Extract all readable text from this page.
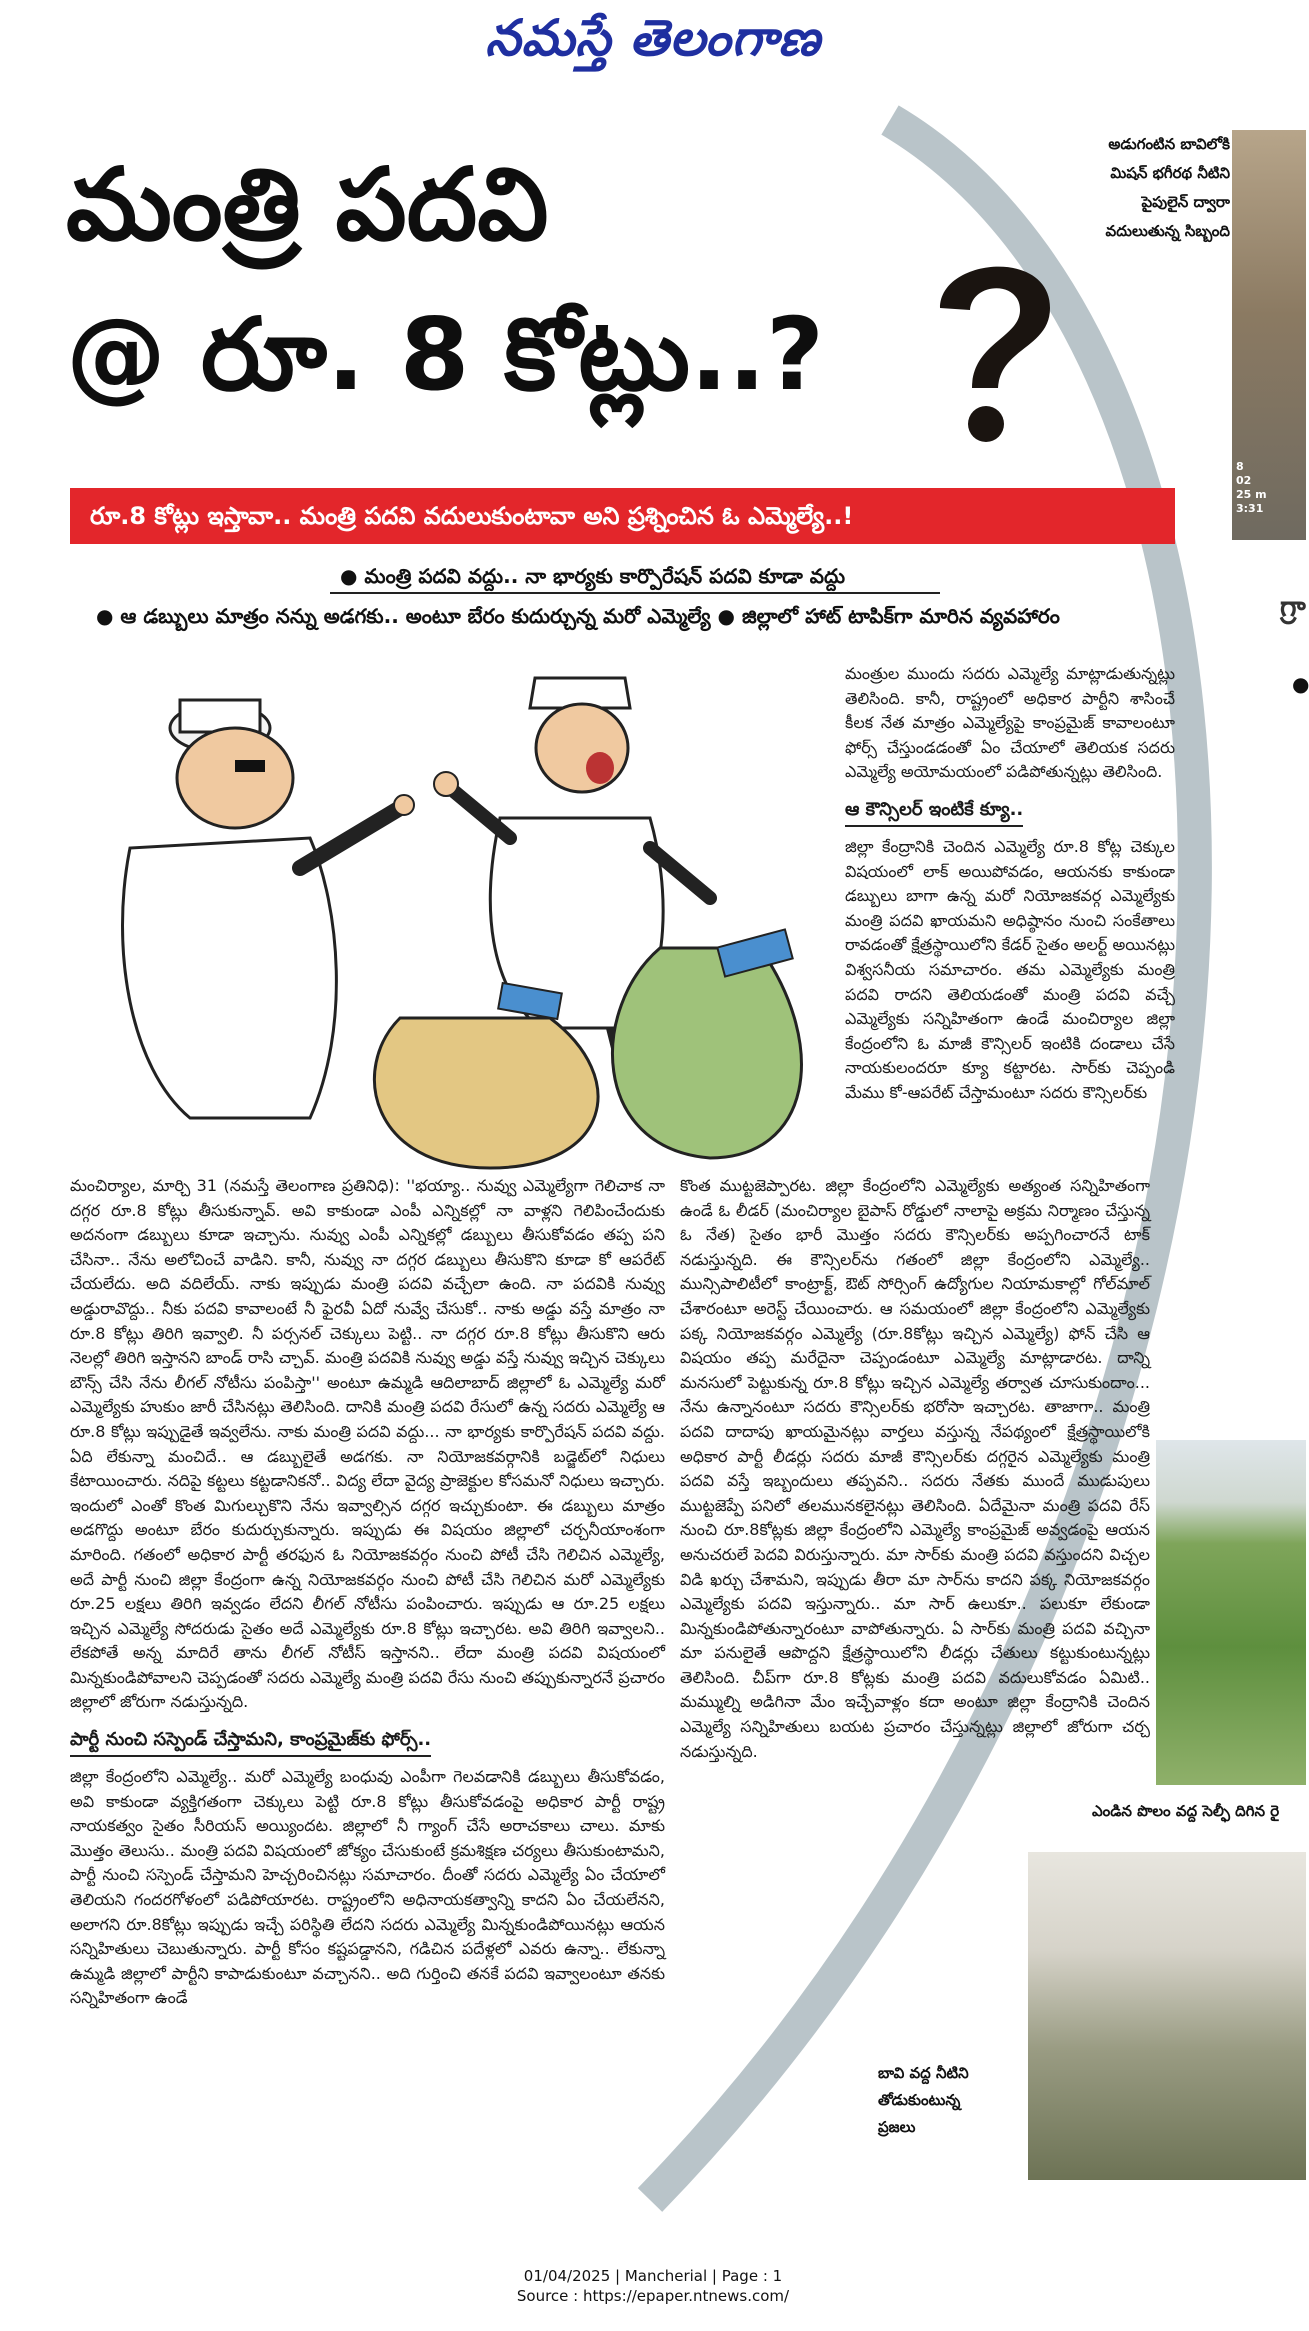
నమస్తే తెలంగాణ
మంత్రి పదవి
@ రూ. 8 కోట్లు..?
రూ.8 కోట్లు ఇస్తావా.. మంత్రి పదవి వదులుకుంటావా అని ప్రశ్నించిన ఓ ఎమ్మెల్యే..!
● మంత్రి పదవి వద్దు.. నా భార్యకు కార్పొరేషన్ పదవి కూడా వద్దు
● ఆ డబ్బులు మాత్రం నన్ను అడగకు.. అంటూ బేరం కుదుర్చున్న మరో ఎమ్మెల్యే ● జిల్లాలో హాట్ టాపిక్‌గా మారిన వ్యవహారం

మంత్రుల ముందు సదరు ఎమ్మెల్యే మాట్లాడుతున్నట్లు తెలిసింది. కానీ, రాష్ట్రంలో అధికార పార్టీని శాసించే కీలక నేత మాత్రం ఎమ్మెల్యేపై కాంప్రమైజ్ కావాలంటూ ఫోర్స్ చేస్తుండడంతో ఏం చేయాలో తెలియక సదరు ఎమ్మెల్యే అయోమయంలో పడిపోతున్నట్లు తెలిసింది.

ఆ కౌన్సిలర్ ఇంటికే క్యూ..

జిల్లా కేంద్రానికి చెందిన ఎమ్మెల్యే రూ.8 కోట్ల చెక్కుల విషయంలో లాక్ అయిపోవడం, ఆయనకు కాకుండా డబ్బులు బాగా ఉన్న మరో నియోజకవర్గ ఎమ్మెల్యేకు మంత్రి పదవి ఖాయమని అధిష్ఠానం నుంచి సంకేతాలు రావడంతో క్షేత్రస్థాయిలోని కేడర్ సైతం అలర్ట్ అయినట్లు విశ్వసనీయ సమాచారం. తమ ఎమ్మెల్యేకు మంత్రి పదవి రాదని తెలియడంతో మంత్రి పదవి వచ్చే ఎమ్మెల్యేకు సన్నిహితంగా ఉండే మంచిర్యాల జిల్లా కేంద్రంలోని ఓ మాజీ కౌన్సిలర్ ఇంటికి దండాలు చేసే నాయకులందరూ క్యూ కట్టారట. సార్‌కు చెప్పండి మేము కో-ఆపరేట్ చేస్తామంటూ సదరు కౌన్సిలర్‌కు

మంచిర్యాల, మార్చి 31 (నమస్తే తెలంగాణ ప్రతినిధి): ''భయ్యా.. నువ్వు ఎమ్మెల్యేగా గెలిచాక నా దగ్గర రూ.8 కోట్లు తీసుకున్నావ్. అవి కాకుండా ఎంపీ ఎన్నికల్లో నా వాళ్లని గెలిపించేందుకు అదనంగా డబ్బులు కూడా ఇచ్చాను. నువ్వు ఎంపీ ఎన్నికల్లో డబ్బులు తీసుకోవడం తప్ప పని చేసినా.. నేను అలోచించే వాడిని. కానీ, నువ్వు నా దగ్గర డబ్బులు తీసుకొని కూడా కో ఆపరేట్ చేయలేదు. అది వదిలేయ్. నాకు ఇప్పుడు మంత్రి పదవి వచ్చేలా ఉంది. నా పదవికి నువ్వు అడ్డురావొద్దు.. నీకు పదవి కావాలంటే నీ ఫైరవీ ఏదో నువ్వే చేసుకో.. నాకు అడ్డు వస్తే మాత్రం నా రూ.8 కోట్లు తిరిగి ఇవ్వాలి. నీ పర్సనల్ చెక్కులు పెట్టి.. నా దగ్గర రూ.8 కోట్లు తీసుకొని ఆరు నెలల్లో తిరిగి ఇస్తానని బాండ్ రాసి చ్చావ్. మంత్రి పదవికి నువ్వు అడ్డు వస్తే నువ్వు ఇచ్చిన చెక్కులు బౌన్స్ చేసి నేను లీగల్ నోటీసు పంపిస్తా'' అంటూ ఉమ్మడి ఆదిలాబాద్ జిల్లాలో ఓ ఎమ్మెల్యే మరో ఎమ్మెల్యేకు హుకుం జారీ చేసినట్లు తెలిసింది. దానికి మంత్రి పదవి రేసులో ఉన్న సదరు ఎమ్మెల్యే ఆ రూ.8 కోట్లు ఇప్పుడైతే ఇవ్వలేను. నాకు మంత్రి పదవి వద్దు... నా భార్యకు కార్పొరేషన్ పదవి వద్దు. ఏది లేకున్నా మంచిదే.. ఆ డబ్బులైతే అడగకు. నా నియోజకవర్గానికి బడ్జెట్‌లో నిధులు కేటాయించారు. నదిపై కట్టలు కట్టడానికనో.. విద్య లేదా వైద్య ప్రాజెక్టుల కోసమనో నిధులు ఇచ్చారు. ఇందులో ఎంతో కొంత మిగుల్చుకొని నేను ఇవ్వాల్సిన దగ్గర ఇచ్చుకుంటా. ఈ డబ్బులు మాత్రం అడగొద్దు అంటూ బేరం కుదుర్చుకున్నారు. ఇప్పుడు ఈ విషయం జిల్లాలో చర్చనీయాంశంగా మారింది. గతంలో అధికార పార్టీ తరఫున ఓ నియోజకవర్గం నుంచి పోటీ చేసి గెలిచిన ఎమ్మెల్యే, అదే పార్టీ నుంచి జిల్లా కేంద్రంగా ఉన్న నియోజకవర్గం నుంచి పోటీ చేసి గెలిచిన మరో ఎమ్మెల్యేకు రూ.25 లక్షలు తిరిగి ఇవ్వడం లేదని లీగల్ నోటీసు పంపించారు. ఇప్పుడు ఆ రూ.25 లక్షలు ఇచ్చిన ఎమ్మెల్యే సోదరుడు సైతం అదే ఎమ్మెల్యేకు రూ.8 కోట్లు ఇచ్చారట. అవి తిరిగి ఇవ్వాలని.. లేకపోతే అన్న మాదిరే తాను లీగల్ నోటీస్ ఇస్తానని.. లేదా మంత్రి పదవి విషయంలో మిన్నకుండిపోవాలని చెప్పడంతో సదరు ఎమ్మెల్యే మంత్రి పదవి రేసు నుంచి తప్పుకున్నారనే ప్రచారం జిల్లాలో జోరుగా నడుస్తున్నది.

పార్టీ నుంచి సస్పెండ్ చేస్తామని, కాంప్రమైజ్‌కు ఫోర్స్..

జిల్లా కేంద్రంలోని ఎమ్మెల్యే.. మరో ఎమ్మెల్యే బంధువు ఎంపీగా గెలవడానికి డబ్బులు తీసుకోవడం, అవి కాకుండా వ్యక్తిగతంగా చెక్కులు పెట్టి రూ.8 కోట్లు తీసుకోవడంపై అధికార పార్టీ రాష్ట్ర నాయకత్వం సైతం సీరియస్ అయ్యిందట. జిల్లాలో నీ గ్యాంగ్ చేసే అరాచకాలు చాలు. మాకు మొత్తం తెలుసు.. మంత్రి పదవి విషయంలో జోక్యం చేసుకుంటే క్రమశిక్షణ చర్యలు తీసుకుంటామని, పార్టీ నుంచి సస్పెండ్ చేస్తామని హెచ్చరించినట్లు సమాచారం. దీంతో సదరు ఎమ్మెల్యే ఏం చేయాలో తెలియని గందరగోళంలో పడిపోయారట. రాష్ట్రంలోని అధినాయకత్వాన్ని కాదని ఏం చేయలేనని, అలాగని రూ.8కోట్లు ఇప్పుడు ఇచ్చే పరిస్థితి లేదని సదరు ఎమ్మెల్యే మిన్నకుండిపోయినట్లు ఆయన సన్నిహితులు చెబుతున్నారు. పార్టీ కోసం కష్టపడ్డానని, గడిచిన పదేళ్లలో ఎవరు ఉన్నా.. లేకున్నా ఉమ్మడి జిల్లాలో పార్టీని కాపాడుకుంటూ వచ్చానని.. అది గుర్తించి తనకే పదవి ఇవ్వాలంటూ తనకు సన్నిహితంగా ఉండే

కొంత ముట్టజెప్పారట. జిల్లా కేంద్రంలోని ఎమ్మెల్యేకు అత్యంత సన్నిహితంగా ఉండే ఓ లీడర్ (మంచిర్యాల బైపాస్ రోడ్డులో నాలాపై అక్రమ నిర్మాణం చేస్తున్న ఓ నేత) సైతం భారీ మొత్తం సదరు కౌన్సిలర్‌కు అప్పగించారనే టాక్ నడుస్తున్నది. ఈ కౌన్సిలర్‌ను గతంలో జిల్లా కేంద్రంలోని ఎమ్మెల్యే.. మున్సిపాలిటీలో కాంట్రాక్ట్, ఔట్ సోర్సింగ్ ఉద్యోగుల నియామకాల్లో గోల్‌మాల్ చేశారంటూ అరెస్ట్ చేయించారు. ఆ సమయంలో జిల్లా కేంద్రంలోని ఎమ్మెల్యేకు పక్క నియోజకవర్గం ఎమ్మెల్యే (రూ.8కోట్లు ఇచ్చిన ఎమ్మెల్యే) ఫోన్ చేసి ఆ విషయం తప్ప మరేదైనా చెప్పండంటూ ఎమ్మెల్యే మాట్లాడారట. దాన్ని మనసులో పెట్టుకున్న రూ.8 కోట్లు ఇచ్చిన ఎమ్మెల్యే తర్వాత చూసుకుందాం... నేను ఉన్నానంటూ సదరు కౌన్సిలర్‌కు భరోసా ఇచ్చారట. తాజాగా.. మంత్రి పదవి దాదాపు ఖాయమైనట్లు వార్తలు వస్తున్న నేపథ్యంలో క్షేత్రస్థాయిలోకి అధికార పార్టీ లీడర్లు సదరు మాజీ కౌన్సిలర్‌కు దగ్గరైన ఎమ్మెల్యేకు మంత్రి పదవి వస్తే ఇబ్బందులు తప్పవని.. సదరు నేతకు ముందే ముడుపులు ముట్టజెప్పే పనిలో తలమునకలైనట్లు తెలిసింది. ఏదేమైనా మంత్రి పదవి రేస్ నుంచి రూ.8కోట్లకు జిల్లా కేంద్రంలోని ఎమ్మెల్యే కాంప్రమైజ్ అవ్వడంపై ఆయన అనుచరులే పెదవి విరుస్తున్నారు. మా సార్‌కు మంత్రి పదవి వస్తుందని విచ్చల విడి ఖర్చు చేశామని, ఇప్పుడు తీరా మా సార్‌ను కాదని పక్క నియోజకవర్గం ఎమ్మెల్యేకు పదవి ఇస్తున్నారు.. మా సార్ ఉలుకూ.. పలుకూ లేకుండా మిన్నకుండిపోతున్నారంటూ వాపోతున్నారు. ఏ సార్‌కు మంత్రి పదవి వచ్చినా మా పనులైతే ఆపొద్దని క్షేత్రస్థాయిలోని లీడర్లు చేతులు కట్టుకుంటున్నట్లు తెలిసింది. చీప్‌గా రూ.8 కోట్లకు మంత్రి పదవి వదులుకోవడం ఏమిటి.. మమ్ముల్ని అడిగినా మేం ఇచ్చేవాళ్లం కదా అంటూ జిల్లా కేంద్రానికి చెందిన ఎమ్మెల్యే సన్నిహితులు బయట ప్రచారం చేస్తున్నట్లు జిల్లాలో జోరుగా చర్చ నడుస్తున్నది.

అడుగంటిన బావిలోకి
మిషన్ భగీరథ నీటిని
పైపులైన్ ద్వారా
వదులుతున్న సిబ్బంది
8
02
25 m
3:31
గ్రా
●
ఎండిన పొలం వద్ద సెల్ఫీ దిగిన రై
బావి వద్ద నీటిని
తోడుకుంటున్న
ప్రజలు
01/04/2025 | Mancherial | Page : 1
Source : https://epaper.ntnews.com/
